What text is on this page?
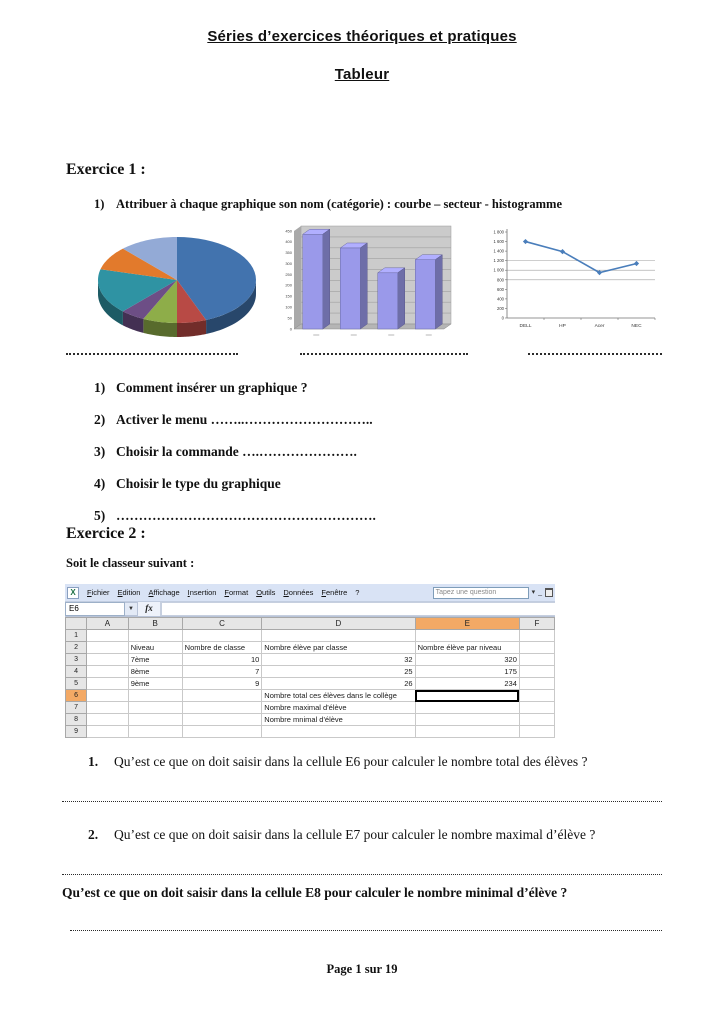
Séries d’exercices théoriques et pratiques
Tableur
Exercice 1 :
1) Attribuer à chaque graphique son nom (catégorie) : courbe – secteur - histogramme
0
50
100
150
200
250
300
350
400
450
0
200
400
600
800
1 000
1 200
1 400
1 600
1 800
DELL	HP	Acer	NEC
1) Comment insérer un graphique ?
2) Activer le menu ……..………………………..
3) Choisir la commande ….………………….
4) Choisir le type du graphique
5) ………………………………………………….
Exercice 2 :
Soit le classeur suivant :
X
Fichier	Edition	Affichage	Insertion	Format	Outils	Données	Fenêtre	?	Tapez une question	▾ _
E6	▼	fx
	A	B	C	D	E	F
1						
2		Niveau	Nombre de classe	Nombre élève par classe	Nombre élève par niveau	
3		7ème	10	32	320	
4		8ème	7	25	175	
5		9ème	9	26	234	
6				Nombre total ces élèves dans le collège		
7				Nombre maximal d'élève		
8				Nombre mnimal d'élève		
9						
1.	Qu’est ce que on doit saisir dans la cellule E6 pour calculer le nombre total des élèves ?
2.	Qu’est ce que on doit saisir dans la cellule E7 pour calculer le nombre maximal d’élève ?
Qu’est ce que on doit saisir dans la cellule E8 pour calculer le nombre minimal d’élève ?
Page 1 sur 19
